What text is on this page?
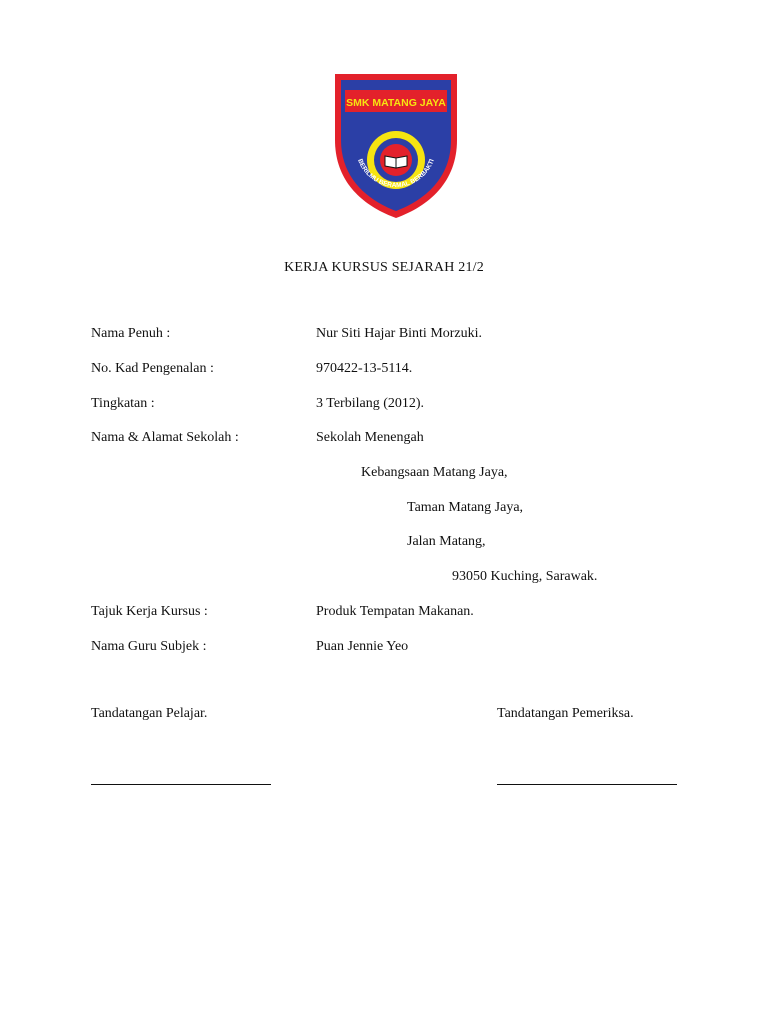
SMK MATANG JAYA
BERILMU BERAMAL BERBAKTI
KERJA KURSUS SEJARAH 21/2
Nama Penuh :	Nur Siti Hajar Binti Morzuki.
No. Kad Pengenalan :	970422-13-5114.
Tingkatan :	3 Terbilang (2012).
Nama & Alamat Sekolah :	Sekolah Menengah
Kebangsaan Matang Jaya,
Taman Matang Jaya,
Jalan Matang,
93050 Kuching, Sarawak.
Tajuk Kerja Kursus :	Produk Tempatan Makanan.
Nama Guru Subjek :	Puan Jennie Yeo
Tandatangan Pelajar.	Tandatangan Pemeriksa.
